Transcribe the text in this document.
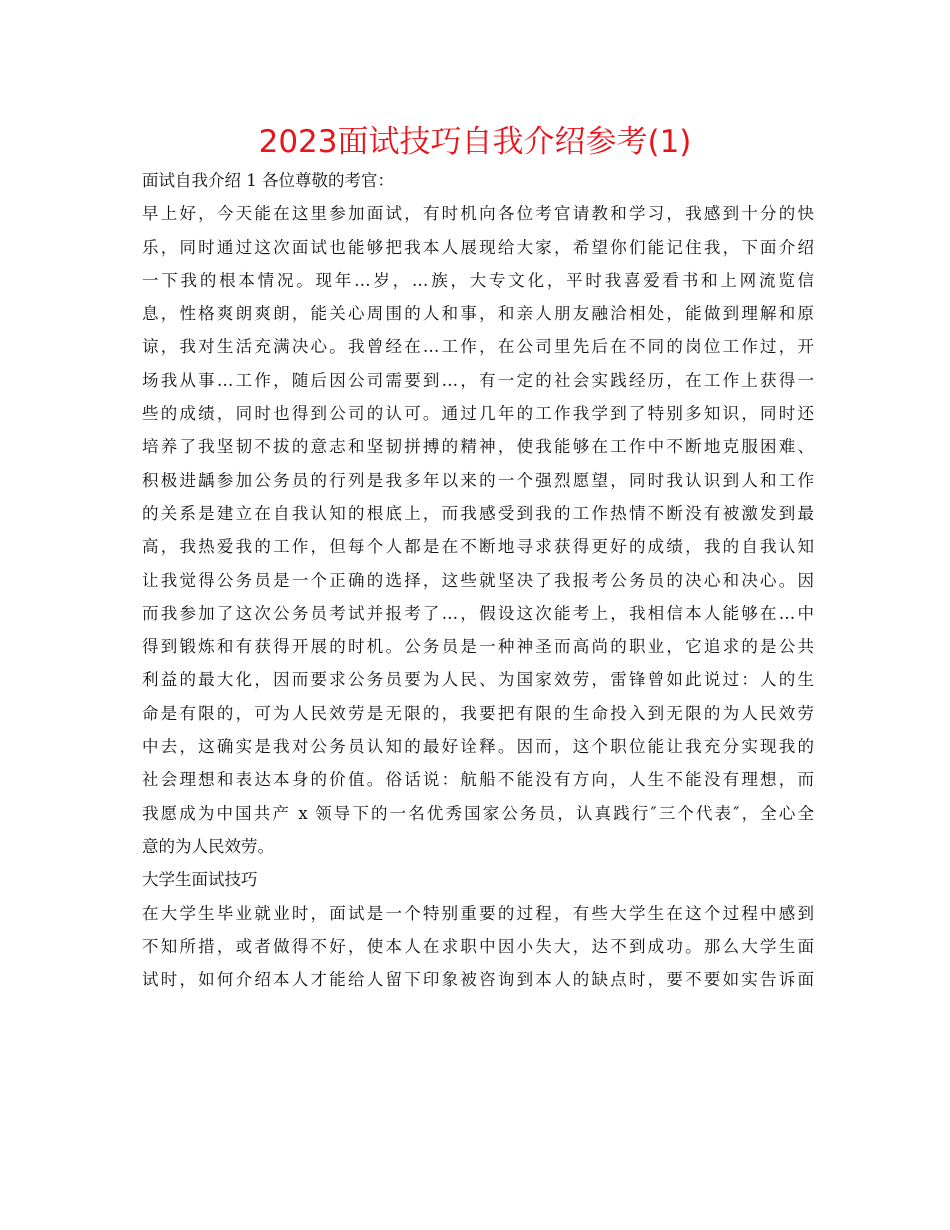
2023面试技巧自我介绍参考(1)
面试自我介绍 1 各位尊敬的考官：
早上好，今天能在这里参加面试，有时机向各位考官请教和学习，我感到十分的快
乐，同时通过这次面试也能够把我本人展现给大家，希望你们能记住我，下面介绍
一下我的根本情况。现年…岁，…族，大专文化，平时我喜爱看书和上网流览信
息，性格爽朗爽朗，能关心周围的人和事，和亲人朋友融洽相处，能做到理解和原
谅，我对生活充满决心。我曾经在…工作，在公司里先后在不同的岗位工作过，开
场我从事…工作，随后因公司需要到…，有一定的社会实践经历，在工作上获得一
些的成绩，同时也得到公司的认可。通过几年的工作我学到了特别多知识，同时还
培养了我坚韧不拔的意志和坚韧拼搏的精神，使我能够在工作中不断地克服困难、
积极进龋参加公务员的行列是我多年以来的一个强烈愿望，同时我认识到人和工作
的关系是建立在自我认知的根底上，而我感受到我的工作热情不断没有被激发到最
高，我热爱我的工作，但每个人都是在不断地寻求获得更好的成绩，我的自我认知
让我觉得公务员是一个正确的选择，这些就坚决了我报考公务员的决心和决心。因
而我参加了这次公务员考试并报考了…，假设这次能考上，我相信本人能够在…中
得到锻炼和有获得开展的时机。公务员是一种神圣而高尚的职业，它追求的是公共
利益的最大化，因而要求公务员要为人民、为国家效劳，雷锋曾如此说过：人的生
命是有限的，可为人民效劳是无限的，我要把有限的生命投入到无限的为人民效劳
中去，这确实是我对公务员认知的最好诠释。因而，这个职位能让我充分实现我的
社会理想和表达本身的价值。俗话说：航船不能没有方向，人生不能没有理想，而
我愿成为中国共产 x 领导下的一名优秀国家公务员，认真践行″三个代表″，全心全
意的为人民效劳。
大学生面试技巧
在大学生毕业就业时，面试是一个特别重要的过程，有些大学生在这个过程中感到
不知所措，或者做得不好，使本人在求职中因小失大，达不到成功。那么大学生面
试时，如何介绍本人才能给人留下印象被咨询到本人的缺点时，要不要如实告诉面
